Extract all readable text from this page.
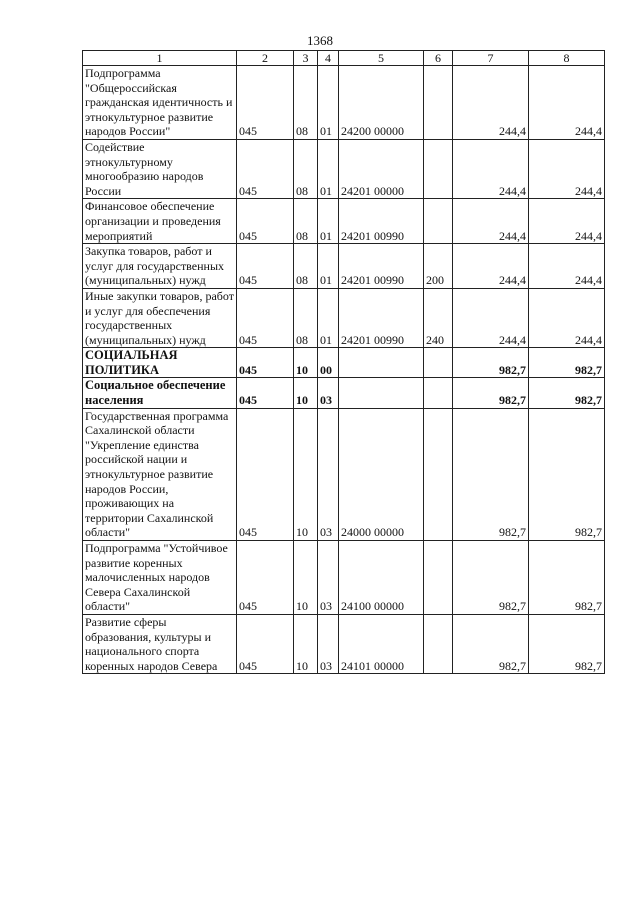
1368
1	2	3	4	5	6	7	8
Подпрограмма "Общероссийская гражданская идентичность и этнокультурное развитие народов России"	045	08	01	24200 00000		244,4	244,4
Содействие этнокультурному многообразию народов России	045	08	01	24201 00000		244,4	244,4
Финансовое обеспечение организации и проведения мероприятий	045	08	01	24201 00990		244,4	244,4
Закупка товаров, работ и услуг для государственных (муниципальных) нужд	045	08	01	24201 00990	200	244,4	244,4
Иные закупки товаров, работ и услуг для обеспечения государственных (муниципальных) нужд	045	08	01	24201 00990	240	244,4	244,4
СОЦИАЛЬНАЯ ПОЛИТИКА	045	10	00			982,7	982,7
Социальное обеспечение населения	045	10	03			982,7	982,7
Государственная программа Сахалинской области "Укрепление единства российской нации и этнокультурное развитие народов России, проживающих на территории Сахалинской области"	045	10	03	24000 00000		982,7	982,7
Подпрограмма "Устойчивое развитие коренных малочисленных народов Севера Сахалинской области"	045	10	03	24100 00000		982,7	982,7
Развитие сферы образования, культуры и национального спорта коренных народов Севера	045	10	03	24101 00000		982,7	982,7
